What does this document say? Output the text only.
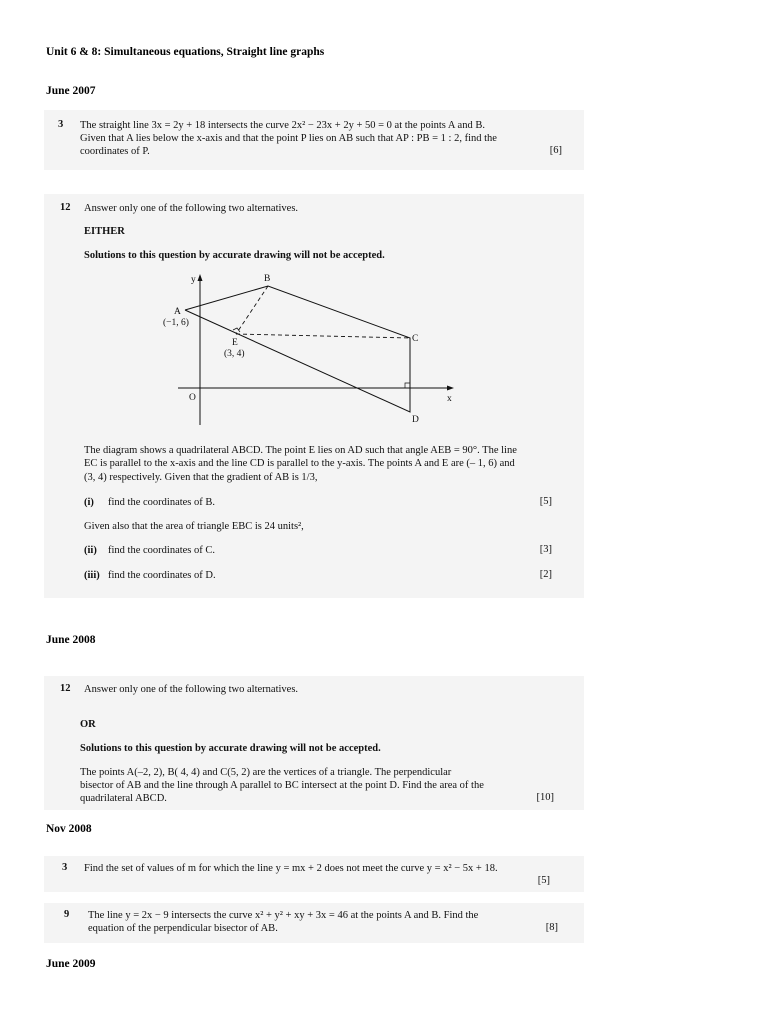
Unit 6 & 8: Simultaneous equations, Straight line graphs
June 2007
3 The straight line 3x = 2y + 18 intersects the curve 2x² − 23x + 2y + 50 = 0 at the points A and B.
Given that A lies below the x-axis and that the point P lies on AB such that AP : PB = 1 : 2, find the
coordinates of P.	[6]
12 Answer only one of the following two alternatives.
EITHER
Solutions to this question by accurate drawing will not be accepted.
The diagram shows a quadrilateral ABCD. The point E lies on AD such that angle AEB = 90°. The line
EC is parallel to the x-axis and the line CD is parallel to the y-axis. The points A and E are (– 1, 6) and
(3, 4) respectively. Given that the gradient of AB is 1/3,
(i) find the coordinates of B.	[5]
Given also that the area of triangle EBC is 24 units²,
(ii) find the coordinates of C.	[3]
(iii) find the coordinates of D.	[2]
y
x
O
A
(−1, 6)
B
C
D
E
(3, 4)
June 2008
12 Answer only one of the following two alternatives.
OR
Solutions to this question by accurate drawing will not be accepted.
The points A(–2, 2), B( 4, 4) and C(5, 2) are the vertices of a triangle. The perpendicular
bisector of AB and the line through A parallel to BC intersect at the point D. Find the area of the
quadrilateral ABCD.	[10]
Nov 2008
3 Find the set of values of m for which the line y = mx + 2 does not meet the curve y = x² − 5x + 18.
[5]
9 The line y = 2x − 9 intersects the curve x² + y² + xy + 3x = 46 at the points A and B. Find the
equation of the perpendicular bisector of AB.	[8]
June 2009
